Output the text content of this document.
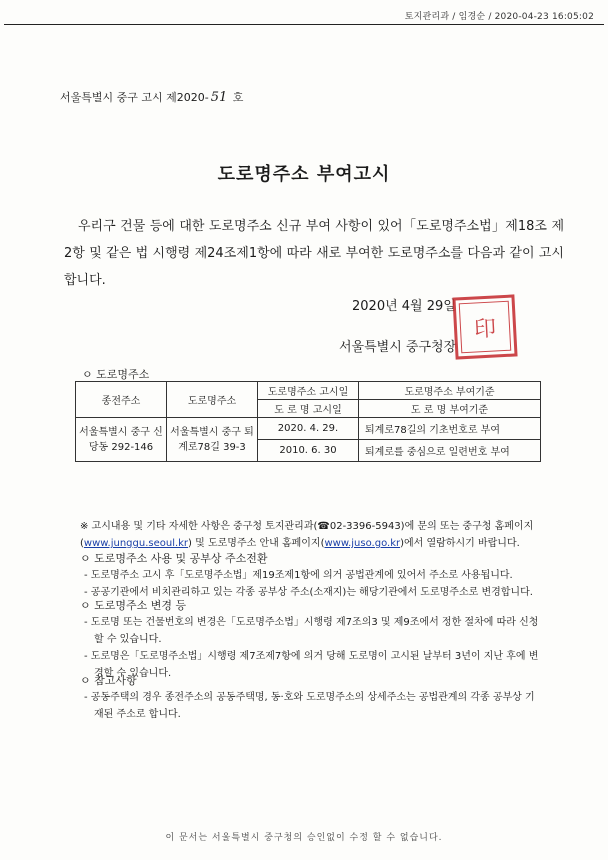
토지관리과 / 임경순 / 2020-04-23 16:05:02
서울특별시 중구 고시 제2020- 51 호
도로명주소 부여고시
우리구 건물 등에 대한 도로명주소 신규 부여 사항이 있어「도로명주소법」제18조 제2항 및 같은 법 시행령 제24조제1항에 따라 새로 부여한 도로명주소를 다음과 같이 고시합니다.
2020년 4월 29일
서울특별시 중구청장
印
ㅇ 도로명주소
종전주소	도로명주소	도로명주소 고시일	도로명주소 부여기준
		도 로 명 고시일	도 로 명 부여기준
서울특별시 중구 신당동 292-146	서울특별시 중구 퇴계로78길 39-3	2020. 4. 29.	퇴계로78길의 기초번호로 부여
		2010. 6. 30	퇴계로를 중심으로 일련번호 부여
※ 고시내용 및 기타 자세한 사항은 중구청 토지관리과(☎02-3396-5943)에 문의 또는 중구청 홈페이지(www.junggu.seoul.kr) 및 도로명주소 안내 홈페이지(www.juso.go.kr)에서 열람하시기 바랍니다.
ㅇ 도로명주소 사용 및 공부상 주소전환
- 도로명주소 고시 후「도로명주소법」제19조제1항에 의거 공법관계에 있어서 주소로 사용됩니다.
- 공공기관에서 비치관리하고 있는 각종 공부상 주소(소재지)는 해당기관에서 도로명주소로 변경합니다.
ㅇ 도로명주소 변경 등
- 도로명 또는 건물번호의 변경은「도로명주소법」시행령 제7조의3 및 제9조에서 정한 절차에 따라 신청할 수 있습니다.
- 도로명은「도로명주소법」시행령 제7조제7항에 의거 당해 도로명이 고시된 날부터 3년이 지난 후에 변경할 수 있습니다.
ㅇ 참고사항
- 공동주택의 경우 종전주소의 공동주택명, 동·호와 도로명주소의 상세주소는 공법관계의 각종 공부상 기재된 주소로 합니다.
이 문서는 서울특별시 중구청의 승인없이 수정 할 수 없습니다.
